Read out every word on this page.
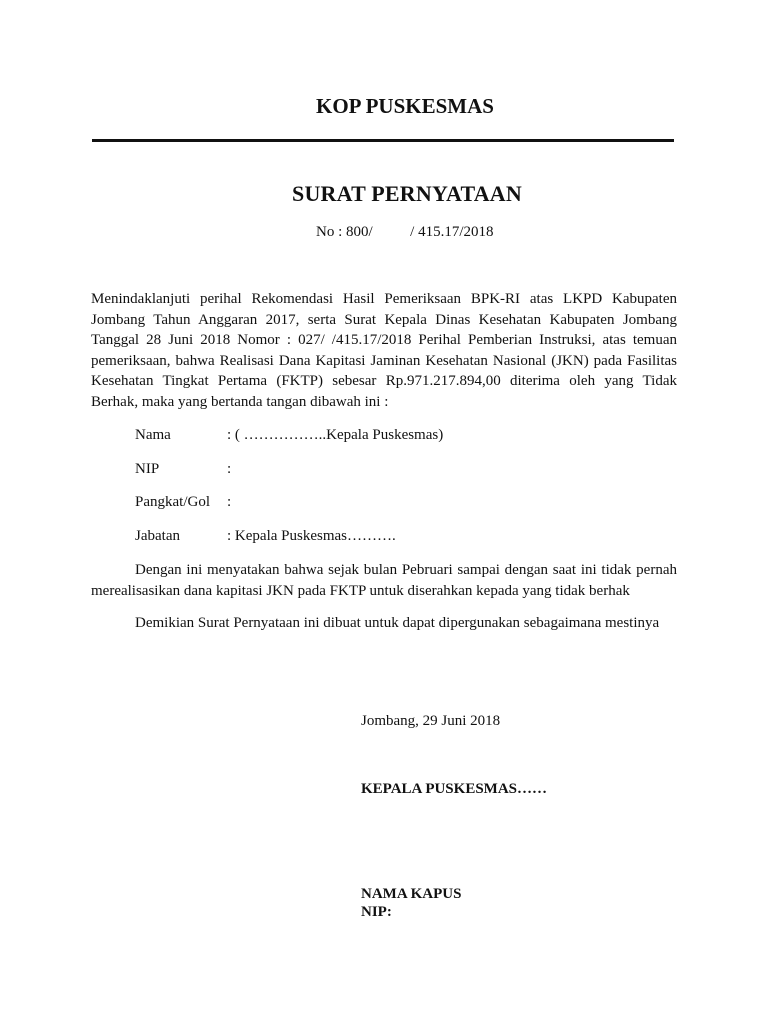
KOP PUSKESMAS
SURAT PERNYATAAN
No : 800/          / 415.17/2018

Menindaklanjuti perihal Rekomendasi Hasil Pemeriksaan BPK-RI atas LKPD Kabupaten Jombang Tahun Anggaran 2017, serta Surat Kepala Dinas Kesehatan Kabupaten Jombang Tanggal 28 Juni 2018 Nomor : 027/ /415.17/2018 Perihal Pemberian Instruksi, atas temuan pemeriksaan, bahwa Realisasi Dana Kapitasi Jaminan Kesehatan Nasional (JKN) pada Fasilitas Kesehatan Tingkat Pertama (FKTP) sebesar Rp.971.217.894,00 diterima oleh yang Tidak Berhak, maka yang bertanda tangan dibawah ini :

Nama	: ( ……………..Kepala Puskesmas)
NIP	:
Pangkat/Gol :
Jabatan	: Kepala Puskesmas……….

Dengan ini menyatakan bahwa sejak bulan Pebruari sampai dengan saat ini tidak pernah merealisasikan dana kapitasi JKN pada FKTP untuk diserahkan kepada yang tidak berhak

Demikian Surat Pernyataan ini dibuat untuk dapat dipergunakan sebagaimana mestinya

Jombang, 29 Juni 2018
KEPALA PUSKESMAS……
NAMA KAPUS
NIP:
